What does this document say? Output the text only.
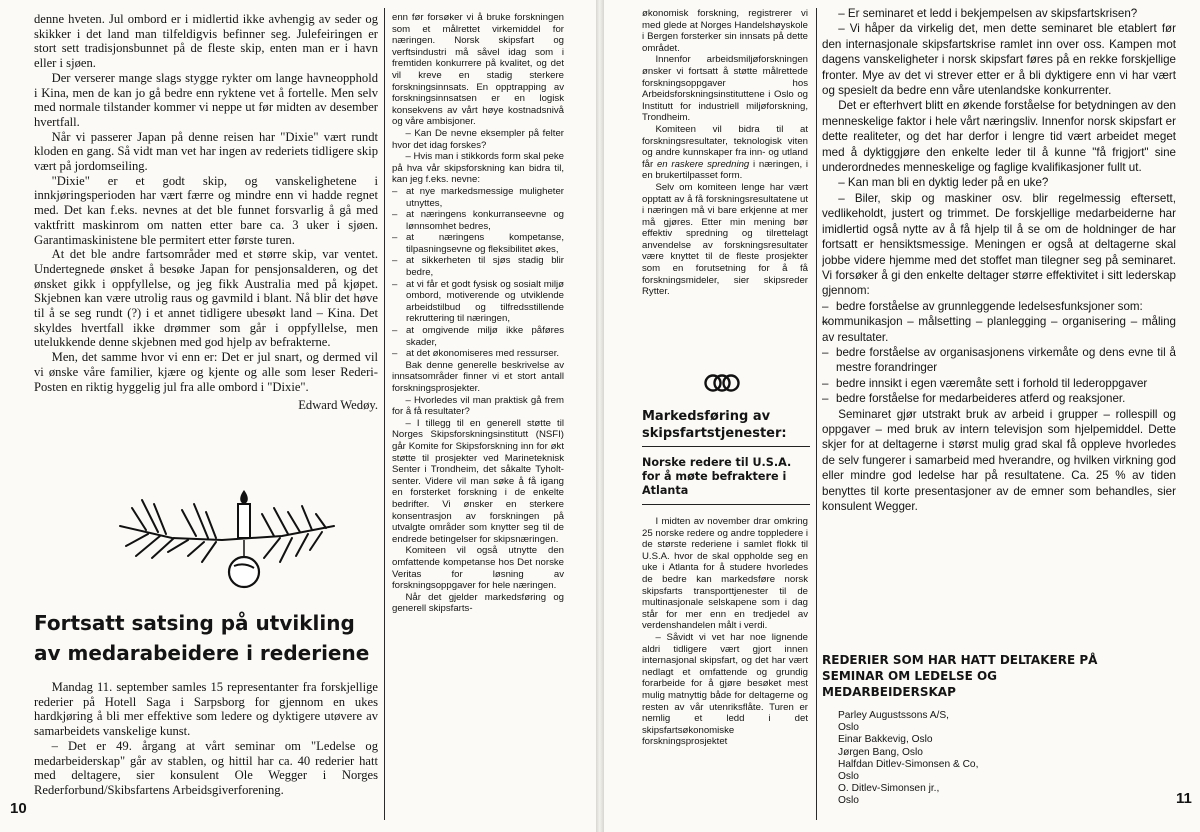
denne hveten. Jul ombord er i midlertid ikke avhengig av seder og skikker i det land man tilfeldigvis befinner seg. Julefeiringen er stort sett tradisjonsbunnet på de fleste skip, enten man er i havn eller i sjøen.

Der verserer mange slags stygge rykter om lange havneopphold i Kina, men de kan jo gå bedre enn ryktene vet å fortelle. Men selv med normale tilstander kommer vi neppe ut før midten av desember hvertfall.

Når vi passerer Japan på denne reisen har "Dixie" vært rundt kloden en gang. Så vidt man vet har ingen av rederiets tidligere skip vært på jordomseiling.

"Dixie" er et godt skip, og vanskelighetene i innkjøringsperioden har vært færre og mindre enn vi hadde regnet med. Det kan f.eks. nevnes at det ble funnet forsvarlig å gå med vaktfritt maskinrom om natten etter bare ca. 3 uker i sjøen. Garantimaskinistene ble permitert etter første turen.

At det ble andre fartsområder med et større skip, var ventet. Undertegnede ønsket å besøke Japan for pensjonsalderen, og det ønsket gikk i oppfyllelse, og jeg fikk Australia med på kjøpet. Skjebnen kan være utrolig raus og gavmild i blant. Nå blir det høve til å se seg rundt (?) i et annet tidligere ubesøkt land – Kina. Det skyldes hvertfall ikke drømmer som går i oppfyllelse, men utelukkende denne skjebnen med god hjelp av befrakterne.

Men, det samme hvor vi enn er: Det er jul snart, og dermed vil vi ønske våre familier, kjære og kjente og alle som leser Rederi-Posten en riktig hyggelig jul fra alle ombord i "Dixie".

Edward Wedøy.

Fortsatt satsing på utvikling av medarabeidere i rederiene

Mandag 11. september samles 15 representanter fra forskjellige rederier på Hotell Saga i Sarpsborg for gjennom en ukes hardkjøring å bli mer effektive som ledere og dyktigere utøvere av samarbeidets vanskelige kunst.

– Det er 49. årgang at vårt seminar om "Ledelse og medarbeiderskap" går av stablen, og hittil har ca. 40 rederier hatt med deltagere, sier konsulent Ole Wegger i Norges Rederforbund/Skibsfartens Arbeidsgiverforening.

enn før forsøker vi å bruke forskningen som et målrettet virkemiddel for næringen. Norsk skipsfart og verftsindustri må såvel idag som i fremtiden konkurrere på kvalitet, og det vil kreve en stadig sterkere forskningsinnsats. En opptrapping av forskningsinnsatsen er en logisk konsekvens av vårt høye kostnadsnivå og våre ambisjoner.

– Kan De nevne eksempler på felter hvor det idag forskes?

– Hvis man i stikkords form skal peke på hva vår skipsforskning kan bidra til, kan jeg f.eks. nevne:

– at nye markedsmessige muligheter utnyttes,
– at næringens konkurranseevne og lønnsomhet bedres,
– at næringens kompetanse, tilpasningsevne og fleksibilitet økes,
– at sikkerheten til sjøs stadig blir bedre,
– at vi får et godt fysisk og sosialt miljø ombord, motiverende og utviklende arbeidstilbud og tilfredsstillende rekruttering til næringen,
– at omgivende miljø ikke påføres skader,
– at det økonomiseres med ressurser.

Bak denne generelle beskrivelse av innsatsområder finner vi et stort antall forskningsprosjekter.

– Hvorledes vil man praktisk gå frem for å få resultater?

– I tillegg til en generell støtte til Norges Skipsforskningsinstitutt (NSFI) går Komite for Skipsforskning inn for økt støtte til prosjekter ved Marineteknisk Senter i Trondheim, det såkalte Tyholt-senter. Videre vil man søke å få igang en forsterket forskning i de enkelte bedrifter. Vi ønsker en sterkere konsentrasjon av forskningen på utvalgte områder som knytter seg til de endrede betingelser for skipsnæringen.

Komiteen vil også utnytte den omfattende kompetanse hos Det norske Veritas for løsning av forskningsoppgaver for hele næringen.

Når det gjelder markedsføring og generell skipsfarts-

10

økonomisk forskning, registrerer vi med glede at Norges Handelshøyskole i Bergen forsterker sin innsats på dette området.

Innenfor arbeidsmiljøforskningen ønsker vi fortsatt å støtte målrettede forskningsoppgaver hos Arbeidsforskningsinstituttene i Oslo og Institutt for industriell miljøforskning, Trondheim.

Komiteen vil bidra til at forskningsresultater, teknologisk viten og andre kunnskaper fra inn- og utland får en raskere spredning i næringen, i en brukertilpasset form.

Selv om komiteen lenge har vært opptatt av å få forskningsresultatene ut i næringen må vi bare erkjenne at mer må gjøres. Etter min mening bør effektiv spredning og tilrettelagt anvendelse av forskningsresultater være knyttet til de fleste prosjekter som en forutsetning for å få forskningsmideler, sier skipsreder Rytter.

Markedsføring av skipsfartstjenester:
Norske redere til U.S.A. for å møte befraktere i Atlanta

I midten av november drar omkring 25 norske redere og andre toppledere i de største rederiene i samlet flokk til U.S.A. hvor de skal oppholde seg en uke i Atlanta for å studere hvorledes de bedre kan markedsføre norsk skipsfarts transporttjenester til de multinasjonale selskapene som i dag står for mer enn en tredjedel av verdenshandelen målt i verdi.

– Såvidt vi vet har noe lignende aldri tidligere vært gjort innen internasjonal skipsfart, og det har vært nedlagt et omfattende og grundig forarbeide for å gjøre besøket mest mulig matnyttig både for deltagerne og resten av vår utenriksflåte. Turen er nemlig et ledd i det skipsfartsøkonomiske forskningsprosjektet

– Er seminaret et ledd i bekjempelsen av skipsfartskrisen?

– Vi håper da virkelig det, men dette seminaret ble etablert før den internasjonale skipsfartskrise ramlet inn over oss. Kampen mot dagens vanskeligheter i norsk skipsfart føres på en rekke forskjellige fronter. Mye av det vi strever etter er å bli dyktigere enn vi har vært og spesielt da bedre enn våre utenlandske konkurrenter.

Det er efterhvert blitt en økende forståelse for betydningen av den menneskelige faktor i hele vårt næringsliv. Innenfor norsk skipsfart er dette realiteter, og det har derfor i lengre tid vært arbeidet meget med å dyktiggjøre den enkelte leder til å kunne "få frigjort" sine underordnedes menneskelige og faglige kvalifikasjoner fullt ut.

– Kan man bli en dyktig leder på en uke?

– Biler, skip og maskiner osv. blir regelmessig eftersett, vedlikeholdt, justert og trimmet. De forskjellige medarbeiderne har imidlertid også nytte av å få hjelp til å se om de holdninger de har fortsatt er hensiktsmessige. Meningen er også at deltagerne skal jobbe videre hjemme med det stoffet man tilegner seg på seminaret. Vi forsøker å gi den enkelte deltager større effektivitet i sitt lederskap gjennom:

– bedre forståelse av grunnleggende ledelsesfunksjoner som:
– kommunikasjon – målsetting – planlegging – organisering – måling av resultater.
– bedre forståelse av organisasjonens virkemåte og dens evne til å mestre forandringer
– bedre innsikt i egen væremåte sett i forhold til lederoppgaver
– bedre forståelse for medarbeideres atferd og reaksjoner.

Seminaret gjør utstrakt bruk av arbeid i grupper – rollespill og oppgaver – med bruk av intern televisjon som hjelpemiddel. Dette skjer for at deltagerne i størst mulig grad skal få oppleve hvorledes de selv fungerer i samarbeid med hverandre, og hvilken virkning god eller mindre god ledelse har på resultatene. Ca. 25 % av tiden benyttes til korte presentasjoner av de emner som behandles, sier konsulent Wegger.

REDERIER SOM HAR HATT DELTAKERE PÅ SEMINAR OM LEDELSE OG MEDARBEIDERSKAP
Parley Augustssons A/S,
Oslo
Einar Bakkevig, Oslo
Jørgen Bang, Oslo
Halfdan Ditlev-Simonsen & Co,
Oslo
O. Ditlev-Simonsen jr.,
Oslo	11
